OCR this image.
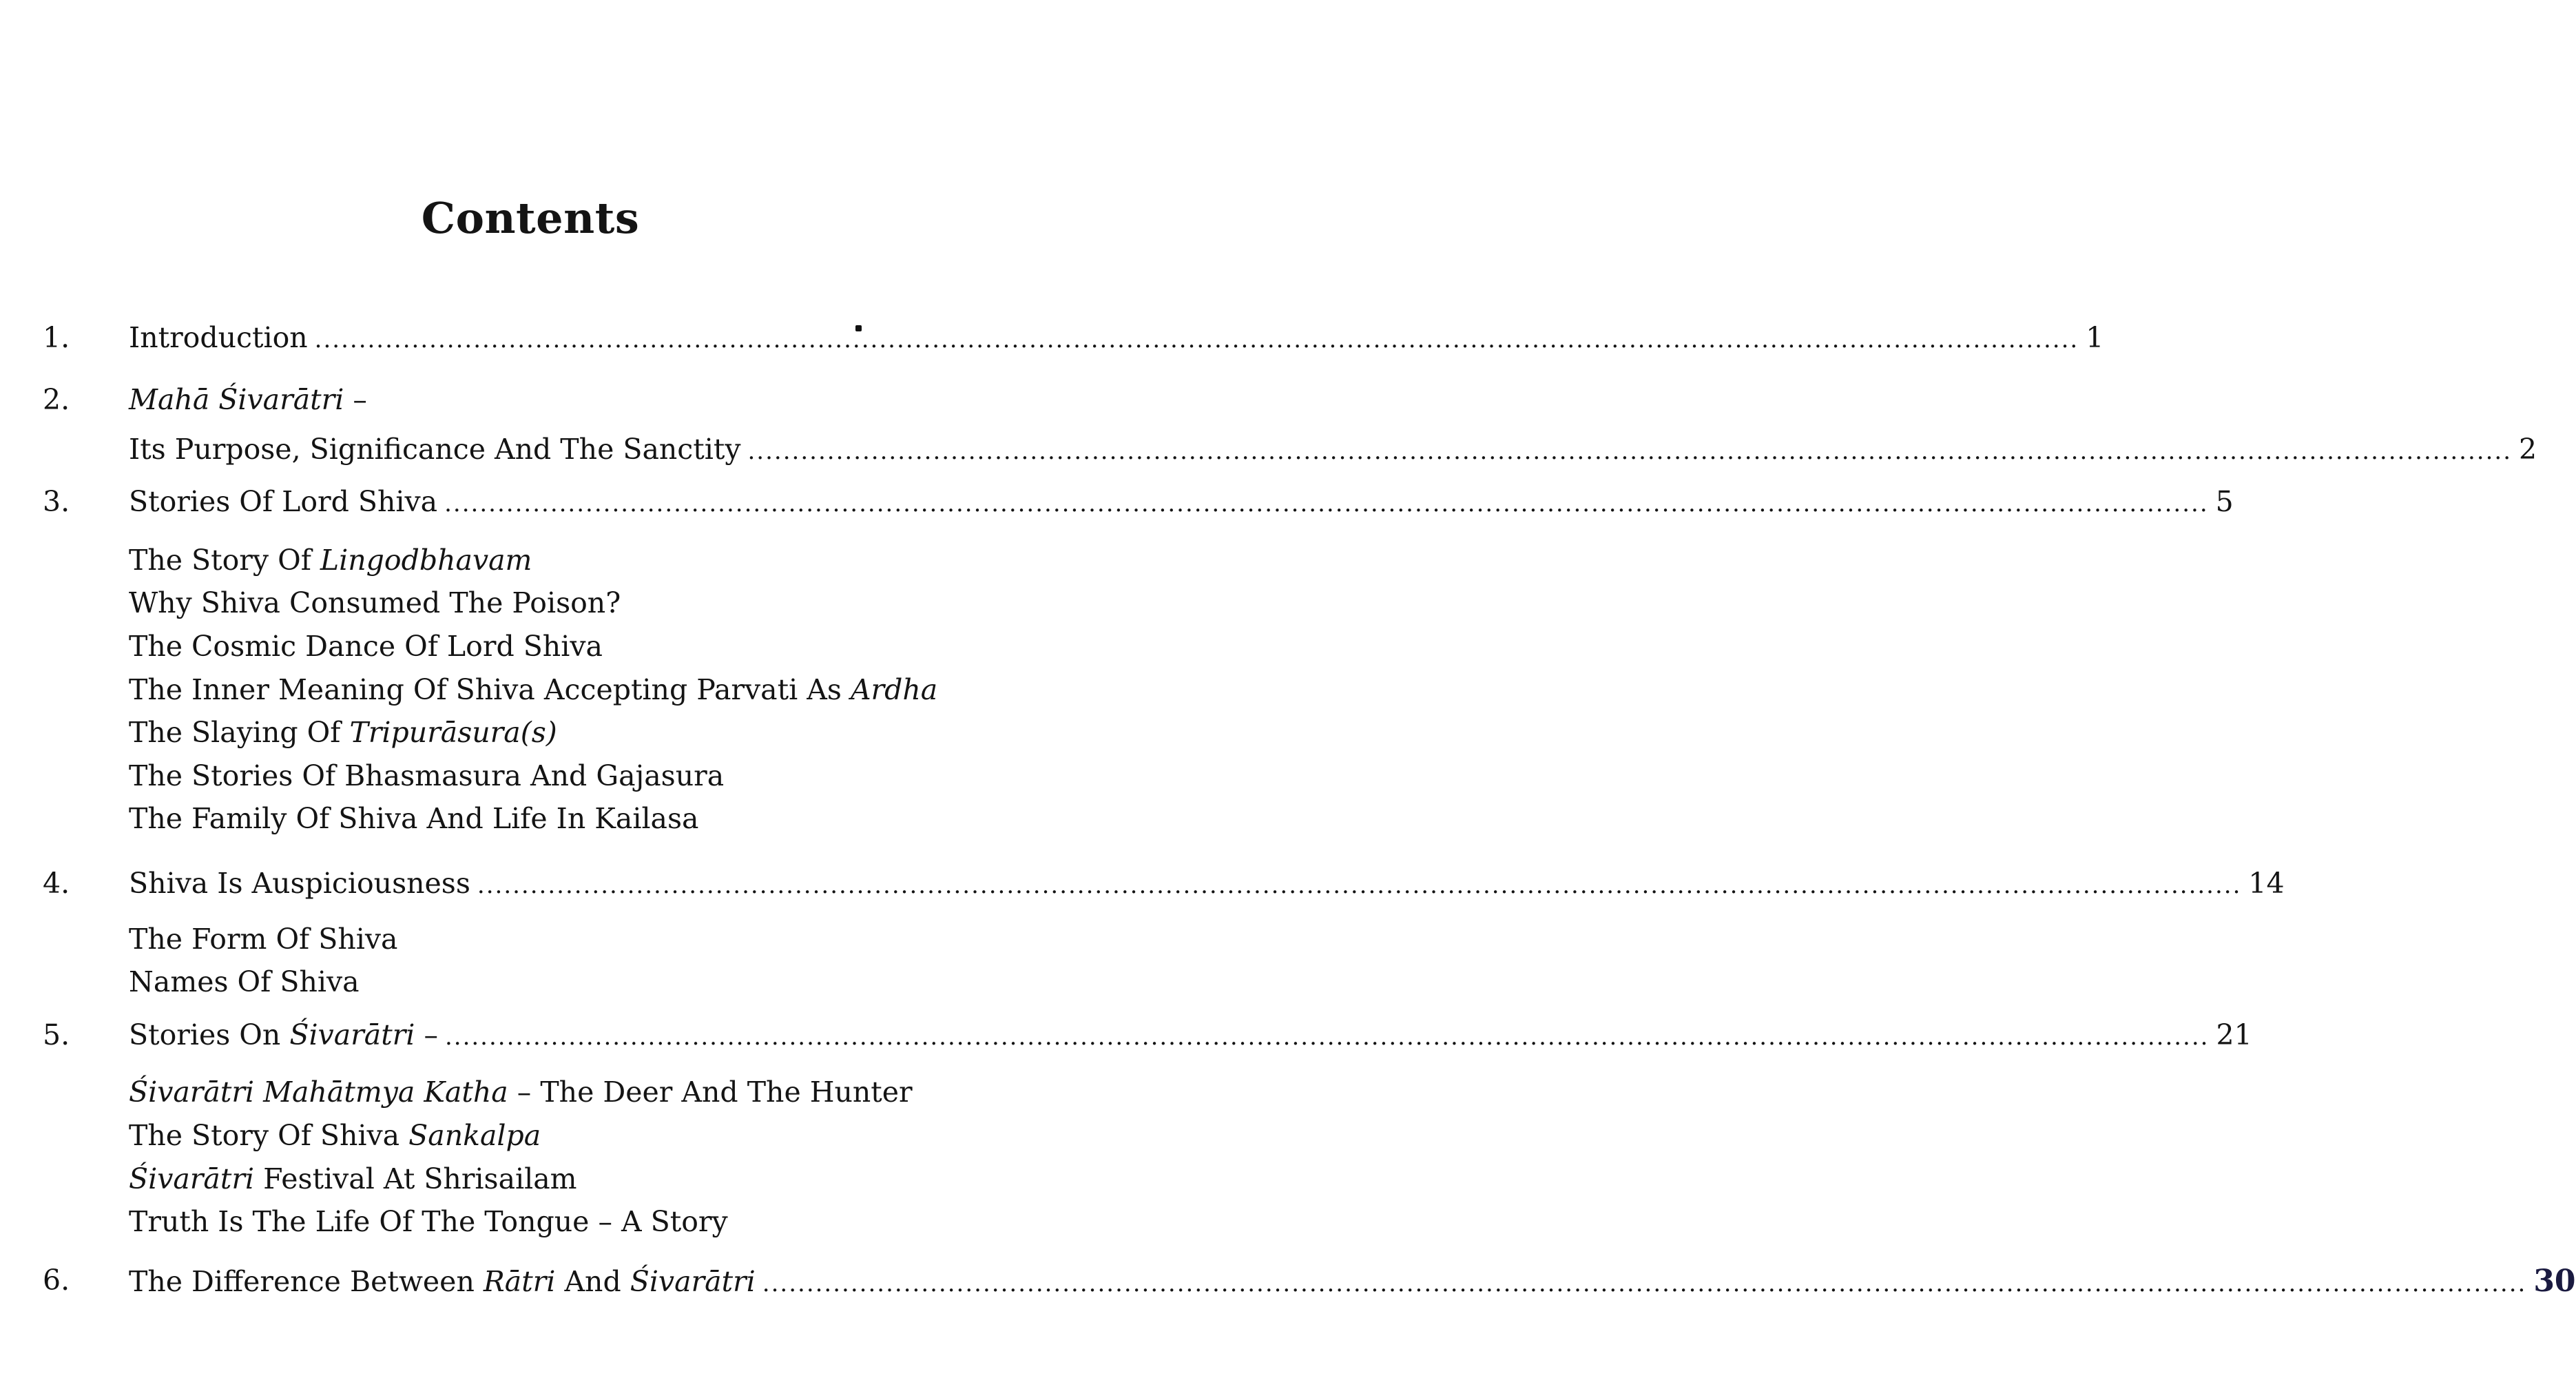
Contents
1. Introduction ........................................................................................................................................................................................................ 1
2. Mahā Śivarātri –
Its Purpose, Significance And The Sanctity ........................................................................................................................................................................................................ 2
3. Stories Of Lord Shiva ........................................................................................................................................................................................................ 5
The Story Of Lingodbhavam
Why Shiva Consumed The Poison?
The Cosmic Dance Of Lord Shiva
The Inner Meaning Of Shiva Accepting Parvati As Ardha
The Slaying Of Tripurāsura(s)
The Stories Of Bhasmasura And Gajasura
The Family Of Shiva And Life In Kailasa
4. Shiva Is Auspiciousness ........................................................................................................................................................................................................ 14
The Form Of Shiva
Names Of Shiva
5. Stories On Śivarātri – ........................................................................................................................................................................................................ 21
Śivarātri Mahātmya Katha – The Deer And The Hunter
The Story Of Shiva Sankalpa
Śivarātri Festival At Shrisailam
Truth Is The Life Of The Tongue – A Story
6. The Difference Between Rātri And Śivarātri ........................................................................................................................................................................................................ 30
